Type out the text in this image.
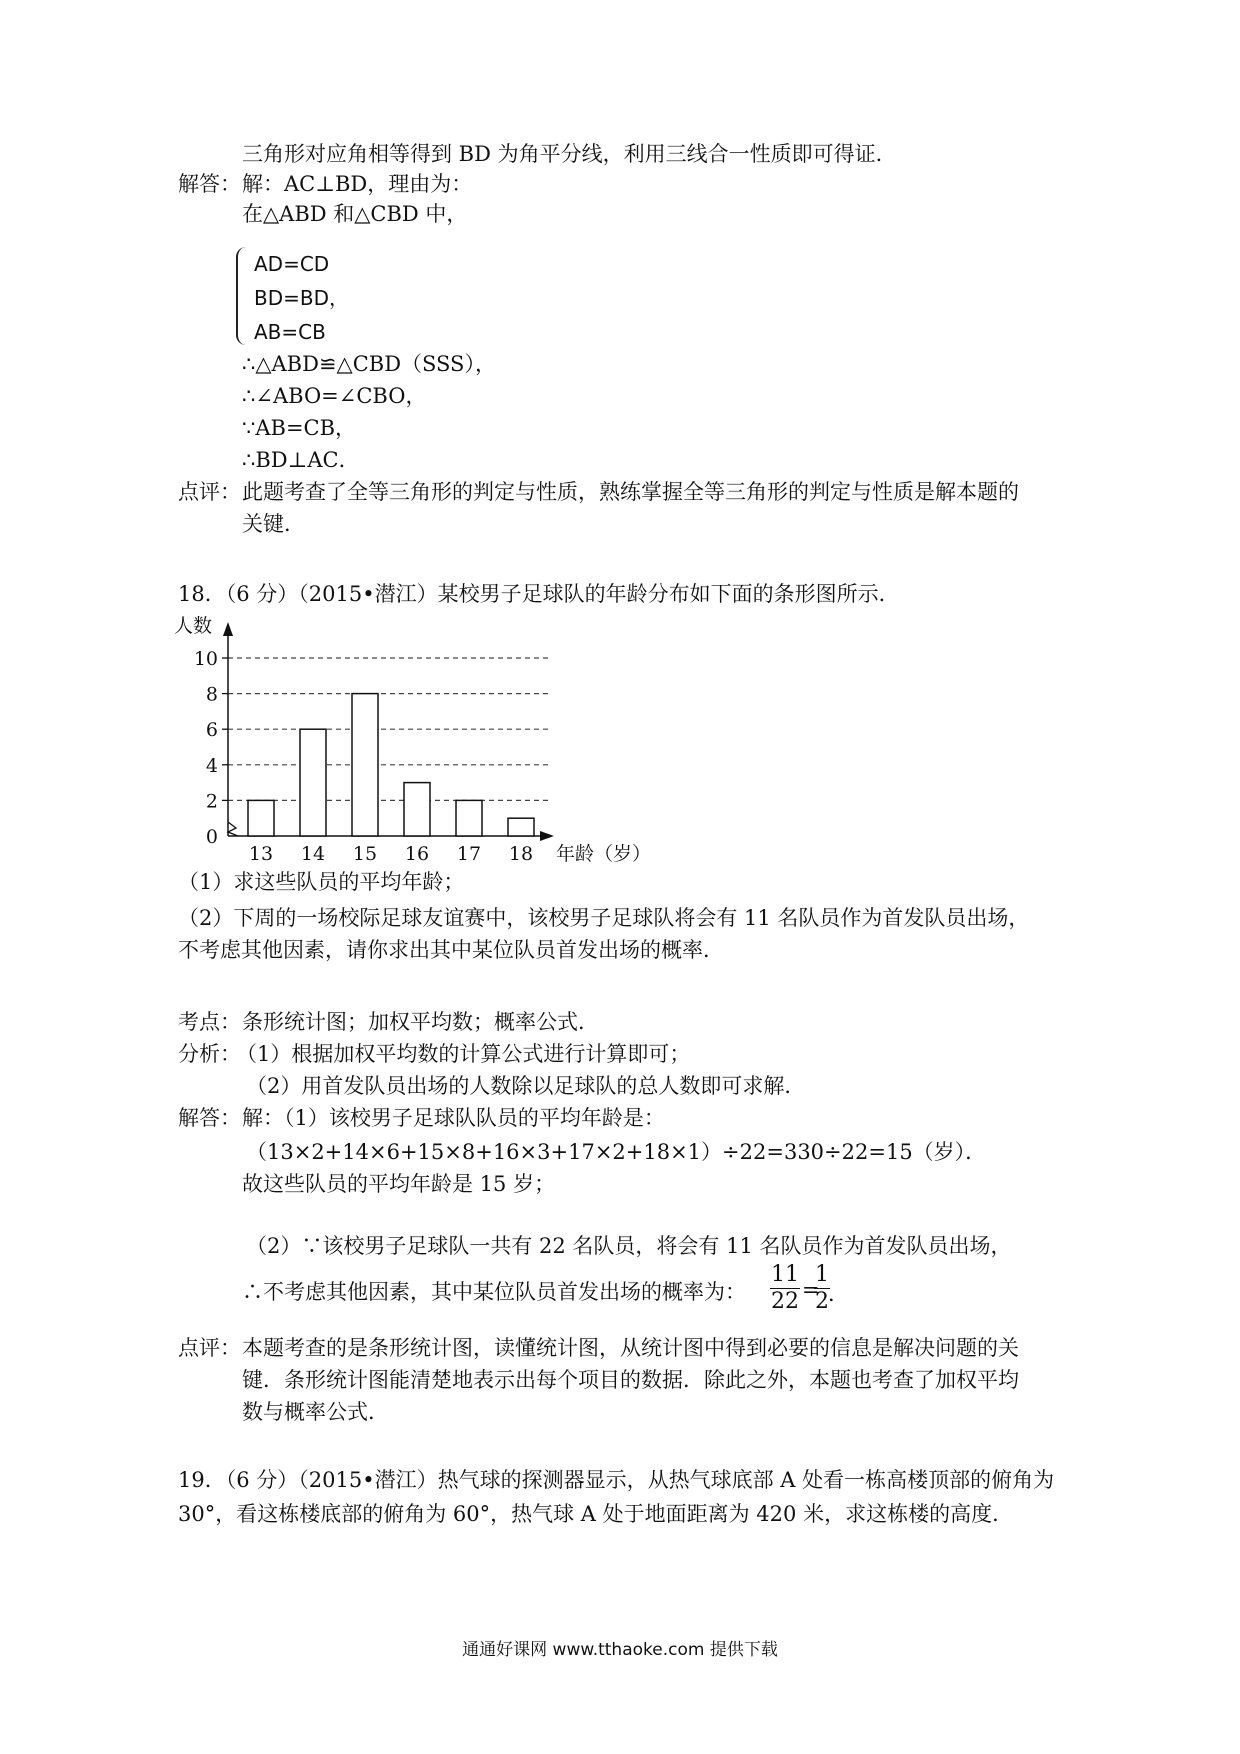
三角形对应角相等得到 BD 为角平分线，利用三线合一性质即可得证．
解答： 解：AC⊥BD，理由为：
在△ABD 和△CBD 中，
AD=CD
BD=BD，
AB=CB
∴△ABD≌△CBD（SSS），
∴∠ABO=∠CBO，
∵AB=CB，
∴BD⊥AC．
点评： 此题考查了全等三角形的判定与性质，熟练掌握全等三角形的判定与性质是解本题的
关键．
18．（6 分）（2015•潜江）某校男子足球队的年龄分布如下面的条形图所示．
0
2
4
6
8
10
13 14 15 16 17 18
人数
年龄（岁）
（1）求这些队员的平均年龄；
（2）下周的一场校际足球友谊赛中，该校男子足球队将会有 11 名队员作为首发队员出场，
不考虑其他因素，请你求出其中某位队员首发出场的概率．
考点： 条形统计图；加权平均数；概率公式．
分析：
（1）根据加权平均数的计算公式进行计算即可；
（2）用首发队员出场的人数除以足球队的总人数即可求解．
解答： 解：（1）该校男子足球队队员的平均年龄是：
（13×2+14×6+15×8+16×3+17×2+18×1）÷22=330÷22=15（岁）．
故这些队员的平均年龄是 15 岁；
（2）∵该校男子足球队一共有 22 名队员，将会有 11 名队员作为首发队员出场，
∴不考虑其他因素，其中某位队员首发出场的概率为：
11
22 =
1
2 ．
点评： 本题考查的是条形统计图，读懂统计图，从统计图中得到必要的信息是解决问题的关
键．条形统计图能清楚地表示出每个项目的数据．除此之外，本题也考查了加权平均
数与概率公式．
19．（6 分）（2015•潜江）热气球的探测器显示，从热气球底部 A 处看一栋高楼顶部的俯角为
30°，看这栋楼底部的俯角为 60°，热气球 A 处于地面距离为 420 米，求这栋楼的高度．
通通好课网 www.tthaoke.com 提供下载
